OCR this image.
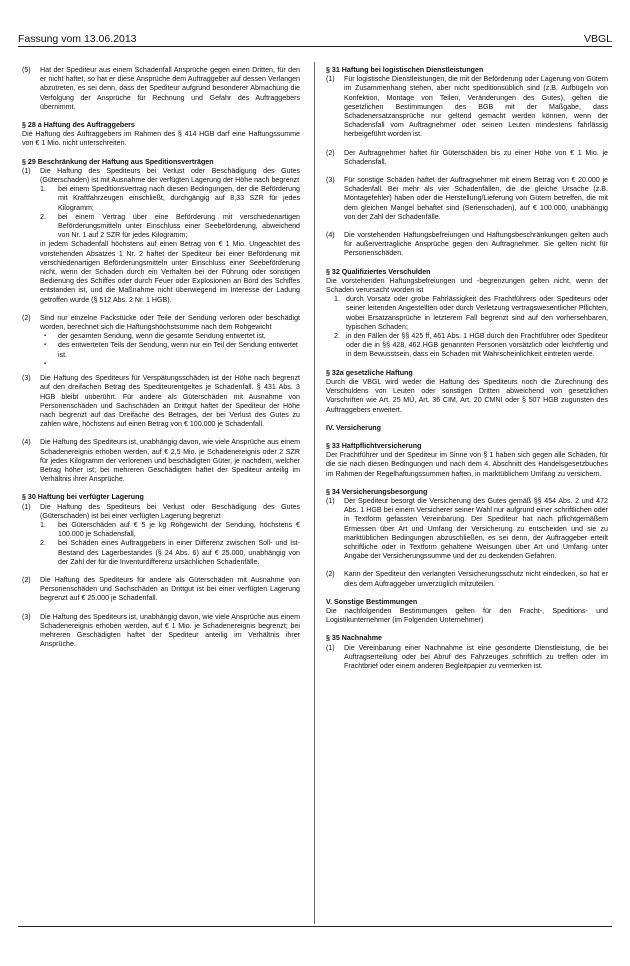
Fassung vom 13.06.2013	VBGL
(5)	Hat der Spediteur aus einem Schadenfall Ansprüche gegen einen Dritten, für den er nicht haftet, so hat er diese Ansprüche dem Auftraggeber auf dessen Verlangen abzutreten, es sei denn, dass der Spediteur aufgrund besonderer Abmachung die Verfolgung der Ansprüche für Rechnung und Gefahr des Auftraggebers übernimmt.
§ 28 a Haftung des Auftraggebers
Die Haftung des Auftraggebers im Rahmen des § 414 HGB darf eine Haftungssumme von € 1 Mio. nicht unterschreiten.
§ 29 Beschränkung der Haftung aus Speditionsverträgen
(1)	Die Haftung des Spediteurs bei Verlust oder Beschädigung des Gutes (Güterschaden) ist mit Ausnahme der verfügten Lagerung der Höhe nach begrenzt
1.	bei einem Speditionsvertrag nach diesen Bedingungen, der die Beförderung mit Kraftfahrzeugen einschließt, durchgängig auf 8,33 SZR für jedes Kilogramm;
2.	bei einem Vertrag über eine Beförderung mit verschiedenartigen Beförderungsmitteln unter Einschluss einer Seebeförderung, abweichend von Nr. 1 auf 2 SZR für jedes Kilogramm;
in jedem Schadenfall höchstens auf einen Betrag von € 1 Mio. Ungeachtet des vorstehenden Absatzes 1 Nr. 2 haftet der Spediteur bei einer Beförderung mit verschiedenartigen Beförderungsmitteln unter Einschluss einer Seebeförderung nicht, wenn der Schaden durch ein Verhalten bei der Führung oder sonstigen Bedienung des Schiffes oder durch Feuer oder Explosionen an Bord des Schiffes entstanden ist, und die Maßnahme nicht überwiegend im Interesse der Ladung getroffen wurde (§ 512 Abs. 2 Nr. 1 HGB).
(2)	Sind nur einzelne Packstücke oder Teile der Sendung verloren oder beschädigt worden, berechnet sich die Haftungshöchstsumme nach dem Rohgewicht
▪	der gesamten Sendung, wenn die gesamte Sendung entwertet ist,
▪	des entwerteten Teils der Sendung, wenn nur ein Teil der Sendung entwertet ist.
▪
(3)	Die Haftung des Spediteurs für Verspätungsschäden ist der Höhe nach begrenzt auf den dreifachen Betrag des Spediteurentgeltes je Schadenfall. § 431 Abs. 3 HGB bleibt unberührt. Für andere als Güterschäden mit Ausnahme von Personenschäden und Sachschäden an Drittgut haftet der Spediteur der Höhe nach begrenzt auf das Dreifache des Betrages, der bei Verlust des Gutes zu zahlen wäre, höchstens auf einen Betrag von € 100.000 je Schadenfall.
(4)	Die Haftung des Spediteurs ist, unabhängig davon, wie viele Ansprüche aus einem Schadenereignis erhoben werden, auf € 2,5 Mio. je Schadenereignis oder 2 SZR für jedes Kilogramm der verlorenen und beschädigten Güter, je nachdem, welcher Betrag höher ist; bei mehreren Geschädigten haftet der Spediteur anteilig im Verhältnis ihrer Ansprüche.
§ 30 Haftung bei verfügter Lagerung
(1)	Die Haftung des Spediteurs bei Verlust oder Beschädigung des Gutes (Güterschaden) ist bei einer verfügten Lagerung begrenzt
1.	bei Güterschäden auf € 5 je kg Rohgewicht der Sendung, höchstens € 100.000 je Schadensfall,
2.	bei Schäden eines Auftraggebers in einer Differenz zwischen Soll- und Ist-Bestand des Lagerbestandes (§ 24 Abs. 6) auf € 25.000, unabhängig von der Zahl der für die Inventurdifferenz ursächlichen Schadenfälle.
(2)	Die Haftung des Spediteurs für andere als Güterschäden mit Ausnahme von Personenschäden und Sachschäden an Drittgut ist bei einer verfügten Lagerung begrenzt auf € 25.000 je Schadenfall.
(3)	Die Haftung des Spediteurs ist, unabhängig davon, wie viele Ansprüche aus einem Schadenereignis erhoben werden, auf € 1 Mio. je Schadenereignis begrenzt; bei mehreren Geschädigten haftet der Spediteur anteilig im Verhältnis ihrer Ansprüche.
§ 31 Haftung bei logistischen Dienstleistungen
(1)	Für logistische Dienstleistungen, die mit der Beförderung oder Lagerung von Gütern im Zusammenhang stehen, aber nicht speditionsüblich sind (z.B. Aufbügeln von Konfektion, Montage von Teilen, Veränderungen des Gutes), gelten die gesetzlichen Bestimmungen des BGB mit der Maßgabe, dass Schadenersatzansprüche nur geltend gemacht werden können, wenn der Schadensfall vom Auftragnehmer oder seinen Leuten mindestens fahrlässig herbeigeführt worden ist.
(2)	Der Auftragnehmer haftet für Güterschäden bis zu einer Höhe von € 1 Mio. je Schadensfall.
(3)	Für sonstige Schäden haftet der Auftragnehmer mit einem Betrag von € 20.000 je Schadenfall. Bei mehr als vier Schadenfällen, die die gleiche Ursache (z.B. Montagefehler) haben oder die Herstellung/Lieferung von Gütern betreffen, die mit dem gleichen Mangel behaftet sind (Serienschaden), auf € 100.000, unabhängig von der Zahl der Schadenfälle.
(4)	Die vorstehenden Haftungsbefreiungen und Haftungsbeschränkungen gelten auch für außervertragliche Ansprüche gegen den Auftragnehmer. Sie gelten nicht für Personenschäden.
§ 32 Qualifiziertes Verschulden
Die vorstehenden Haftungsbefreiungen und -begrenzungen gelten nicht, wenn der Schaden verursacht worden ist
1. durch Vorsatz oder grobe Fahrlässigkeit des Frachtführers oder Spediteurs oder seiner leitenden Angestellten oder durch Verletzung vertragswesentlicher Pflichten, wobei Ersatzansprüche in letzterem Fall begrenzt sind auf den vorhersehbaren, typischen Schaden;
2. in den Fällen der §§ 425 ff, 461 Abs. 1 HGB durch den Frachtführer oder Spediteur oder die in §§ 428, 462 HGB genannten Personen vorsätzlich oder leichtfertig und in dem Bewusstsein, dass ein Schaden mit Wahrscheinlichkeit eintreten werde.
§ 32a gesetzliche Haftung
Durch die VBGL wird weder die Haftung des Spediteurs noch die Zurechnung des Verschuldens von Leuten oder sonstigen Dritten abweichend von gesetzlichen Vorschriften wie Art. 25 MÜ, Art. 36 CIM, Art. 20 CMNI oder § 507 HGB zugunsten des Auftraggebers erweitert.
IV. Versicherung
§ 33 Haftpflichtversicherung
Der Frachtführer und der Spediteur im Sinne von § 1 haben sich gegen alle Schäden, für die sie nach diesen Bedingungen und nach dem 4. Abschnitt des Handelsgesetzbuches im Rahmen der Regelhaftungssummen haften, in marktüblichem Umfang zu versichern.
§ 34 Versicherungsbesorgung
(1)	Der Spediteur besorgt die Versicherung des Gutes gemäß §§ 454 Abs. 2 und 472 Abs. 1 HGB bei einem Versicherer seiner Wahl nur aufgrund einer schriftlichen oder in Textform gefassten Vereinbarung. Der Spediteur hat nach pflichtgemäßem Ermessen über Art und Umfang der Versicherung zu entscheiden und sie zu marktüblichen Bedingungen abzuschließen, es sei denn, der Auftraggeber erteilt schriftliche oder in Textform gehaltene Weisungen über Art und Umfang unter Angabe der Versicherungssumme und der zu deckenden Gefahren.
(2)	Kann der Spediteur den verlangten Versicherungsschutz nicht eindecken, so hat er dies dem Auftraggeber unverzüglich mitzuteilen.
V. Sonstige Bestimmungen
Die nachfolgenden Bestimmungen gelten für den Fracht-, Speditions- und Logistikunternehmer (im Folgenden Unternehmer)
§ 35 Nachnahme
(1)	Die Vereinbarung einer Nachnahme ist eine gesonderte Dienstleistung, die bei Auftragserteilung oder bei Abruf des Fahrzeuges schriftlich zu treffen oder im Frachtbrief oder einem anderen Begleitpapier zu vermerken ist.
